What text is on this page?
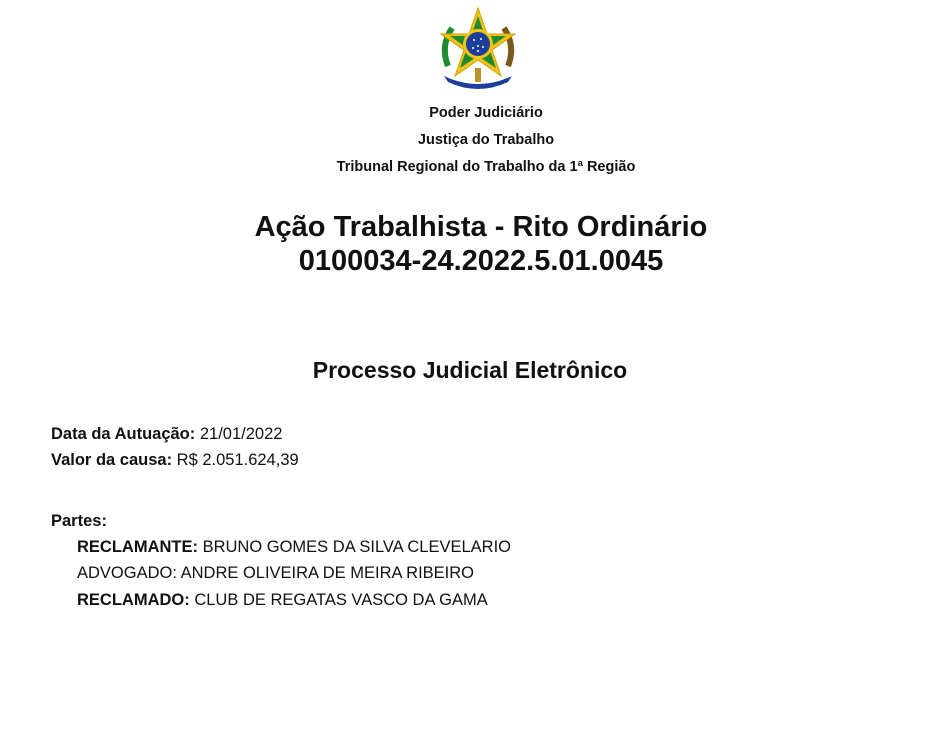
Poder Judiciário
Justiça do Trabalho
Tribunal Regional do Trabalho da 1ª Região
Ação Trabalhista - Rito Ordinário
0100034-24.2022.5.01.0045
Processo Judicial Eletrônico
Data da Autuação: 21/01/2022
Valor da causa: R$ 2.051.624,39
Partes:
RECLAMANTE: BRUNO GOMES DA SILVA CLEVELARIO
ADVOGADO: ANDRE OLIVEIRA DE MEIRA RIBEIRO
RECLAMADO: CLUB DE REGATAS VASCO DA GAMA
